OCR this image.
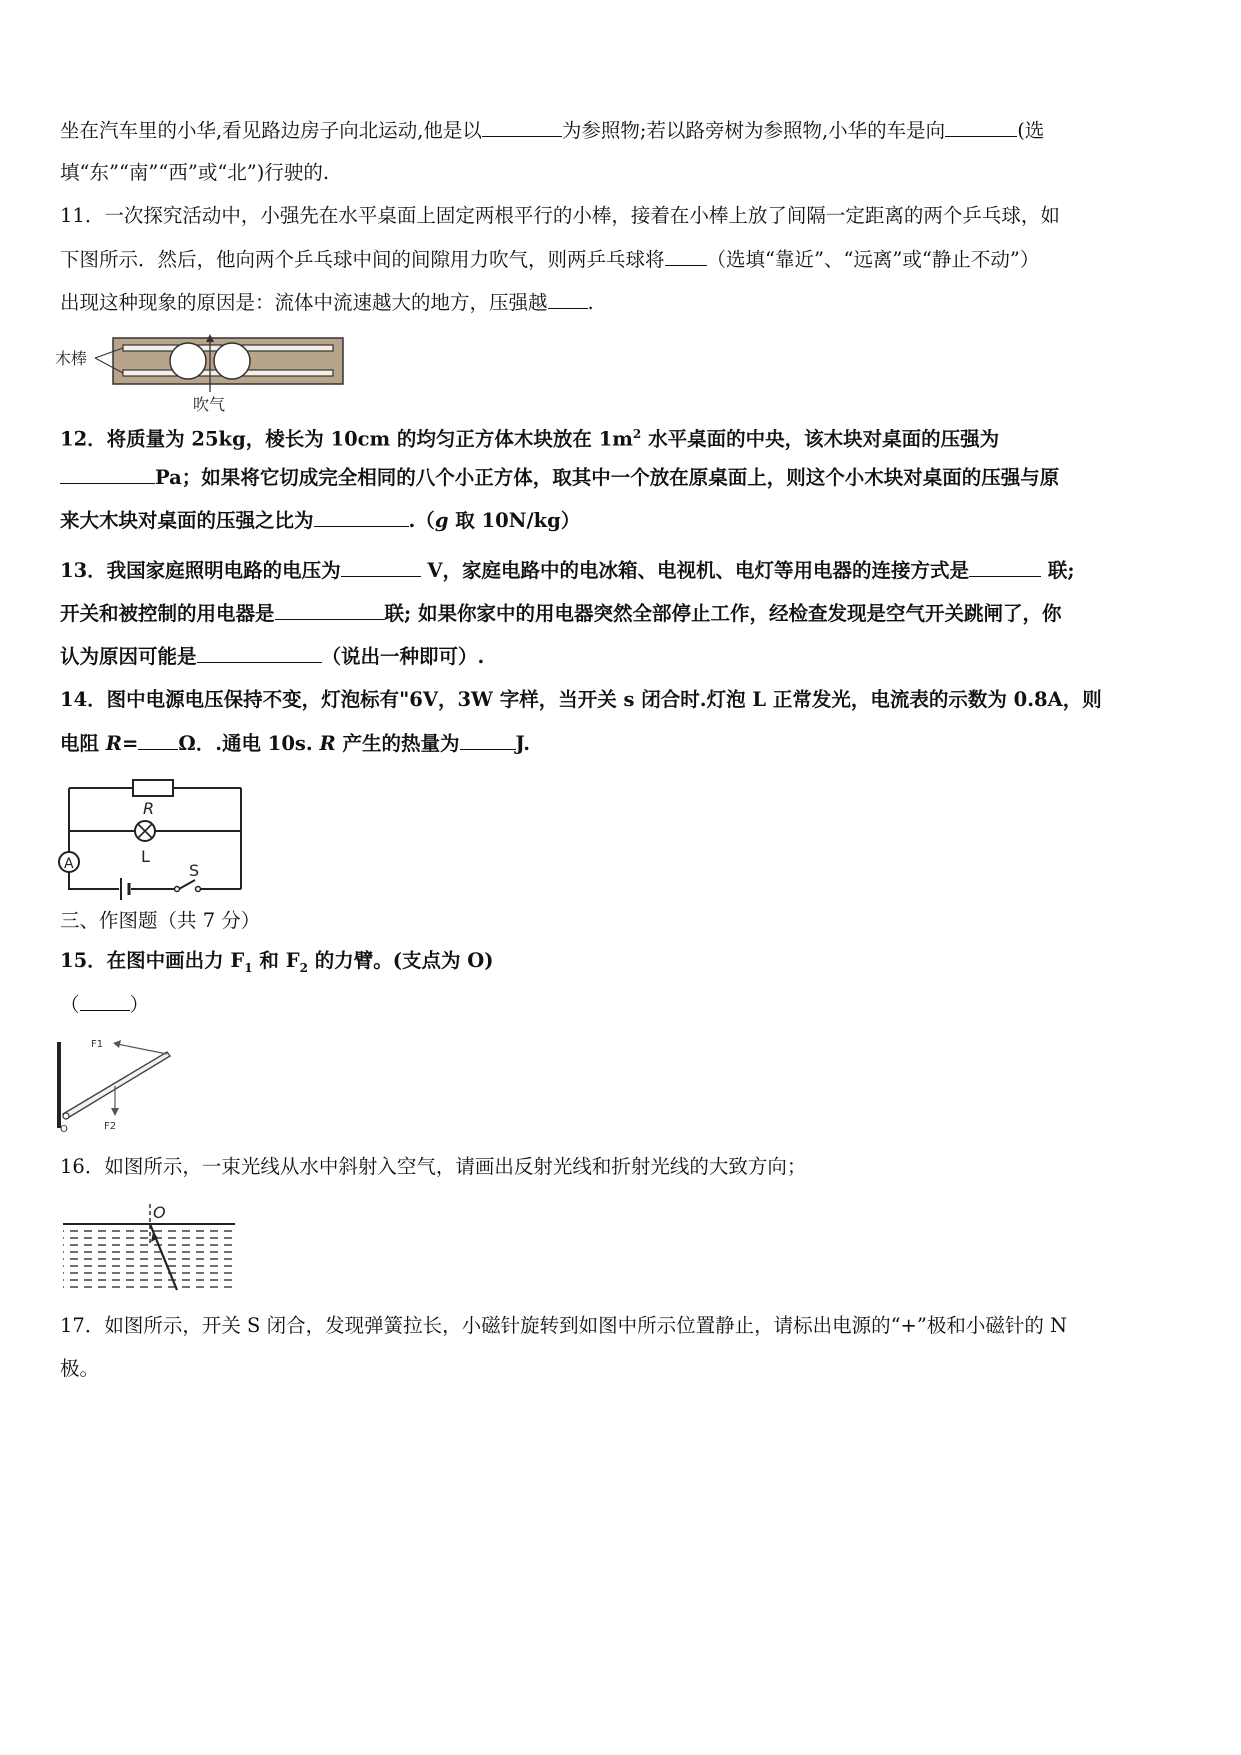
坐在汽车里的小华,看见路边房子向北运动,他是以	为参照物;若以路旁树为参照物,小华的车是向	(选
填“东”“南”“西”或“北”)行驶的.
11．一次探究活动中，小强先在水平桌面上固定两根平行的小棒，接着在小棒上放了间隔一定距离的两个乒乓球，如
下图所示．然后，他向两个乒乓球中间的间隙用力吹气，则两乒乓球将 （选填“靠近”、“远离”或“静止不动”）
出现这种现象的原因是：流体中流速越大的地方，压强越 .
木棒
吹气
12．将质量为 25kg，棱长为 10cm 的均匀正方体木块放在 $1m^2$ 水平桌面的中央，该木块对桌面的压强为
Pa；如果将它切成完全相同的八个小正方体，取其中一个放在原桌面上，则这个小木块对桌面的压强与原
来大木块对桌面的压强之比为	.（g 取 10N/kg）
13．我国家庭照明电路的电压为	V，家庭电路中的电冰箱、电视机、电灯等用电器的连接方式是	联;
开关和被控制的用电器是	联; 如果你家中的用电器突然全部停止工作，经检查发现是空气开关跳闸了，你
认为原因可能是	（说出一种即可）.
14．图中电源电压保持不变，灯泡标有"6V，3W 字样，当开关 s 闭合时.灯泡 L 正常发光，电流表的示数为 0.8A，则
电阻 R= Ω．.通电 10s. R 产生的热量为	J.
R
L
A	S
三、作图题（共 7 分）
15．在图中画出力 $F_1$ 和 $F_2$ 的力臂。(支点为 O)
（	）
F1
F2
O
16．如图所示，一束光线从水中斜射入空气，请画出反射光线和折射光线的大致方向；
O
17．如图所示，开关 S 闭合，发现弹簧拉长，小磁针旋转到如图中所示位置静止，请标出电源的“+”极和小磁针的 N
极。
